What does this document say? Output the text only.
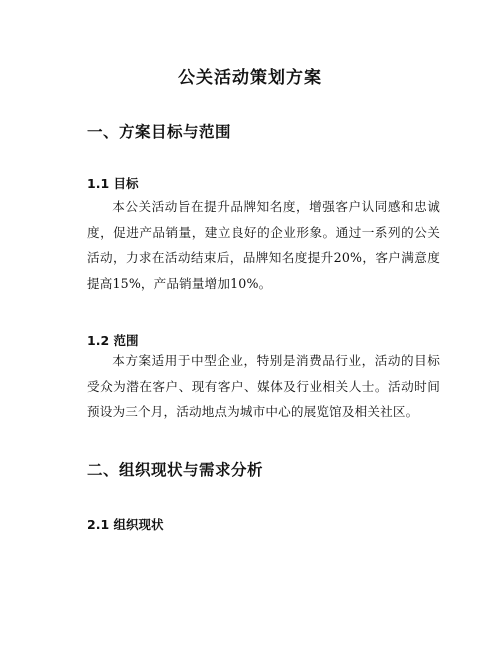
公关活动策划方案
一、方案目标与范围
1.1 目标

本公关活动旨在提升品牌知名度，增强客户认同感和忠诚度，促进产品销量，建立良好的企业形象。通过一系列的公关活动，力求在活动结束后，品牌知名度提升20%，客户满意度提高15%，产品销量增加10%。

1.2 范围

本方案适用于中型企业，特别是消费品行业，活动的目标受众为潜在客户、现有客户、媒体及行业相关人士。活动时间预设为三个月，活动地点为城市中心的展览馆及相关社区。

二、组织现状与需求分析
2.1 组织现状
